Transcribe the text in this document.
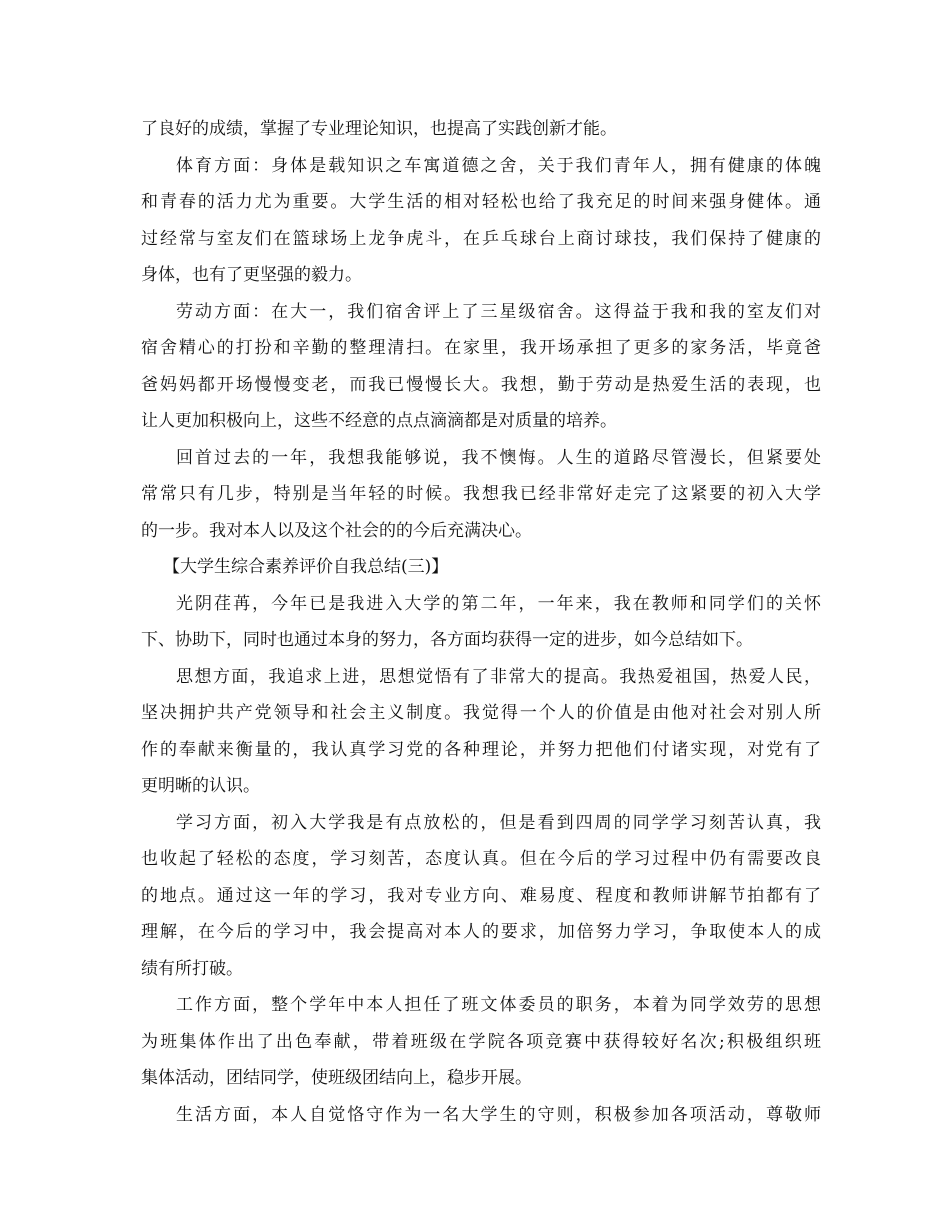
了良好的成绩，掌握了专业理论知识，也提高了实践创新才能。
体育方面：身体是载知识之车寓道德之舍，关于我们青年人，拥有健康的体魄
和青春的活力尤为重要。大学生活的相对轻松也给了我充足的时间来强身健体。通
过经常与室友们在篮球场上龙争虎斗，在乒乓球台上商讨球技，我们保持了健康的
身体，也有了更坚强的毅力。
劳动方面：在大一，我们宿舍评上了三星级宿舍。这得益于我和我的室友们对
宿舍精心的打扮和辛勤的整理清扫。在家里，我开场承担了更多的家务活，毕竟爸
爸妈妈都开场慢慢变老，而我已慢慢长大。我想，勤于劳动是热爱生活的表现，也
让人更加积极向上，这些不经意的点点滴滴都是对质量的培养。
回首过去的一年，我想我能够说，我不懊悔。人生的道路尽管漫长，但紧要处
常常只有几步，特别是当年轻的时候。我想我已经非常好走完了这紧要的初入大学
的一步。我对本人以及这个社会的的今后充满决心。
【大学生综合素养评价自我总结(三)】
光阴荏苒，今年已是我进入大学的第二年，一年来，我在教师和同学们的关怀
下、协助下，同时也通过本身的努力，各方面均获得一定的进步，如今总结如下。
思想方面，我追求上进，思想觉悟有了非常大的提高。我热爱祖国，热爱人民，
坚决拥护共产党领导和社会主义制度。我觉得一个人的价值是由他对社会对别人所
作的奉献来衡量的，我认真学习党的各种理论，并努力把他们付诸实现，对党有了
更明晰的认识。
学习方面，初入大学我是有点放松的，但是看到四周的同学学习刻苦认真，我
也收起了轻松的态度，学习刻苦，态度认真。但在今后的学习过程中仍有需要改良
的地点。通过这一年的学习，我对专业方向、难易度、程度和教师讲解节拍都有了
理解，在今后的学习中，我会提高对本人的要求，加倍努力学习，争取使本人的成
绩有所打破。
工作方面，整个学年中本人担任了班文体委员的职务，本着为同学效劳的思想
为班集体作出了出色奉献，带着班级在学院各项竞赛中获得较好名次;积极组织班
集体活动，团结同学，使班级团结向上，稳步开展。
生活方面，本人自觉恪守作为一名大学生的守则，积极参加各项活动，尊敬师
